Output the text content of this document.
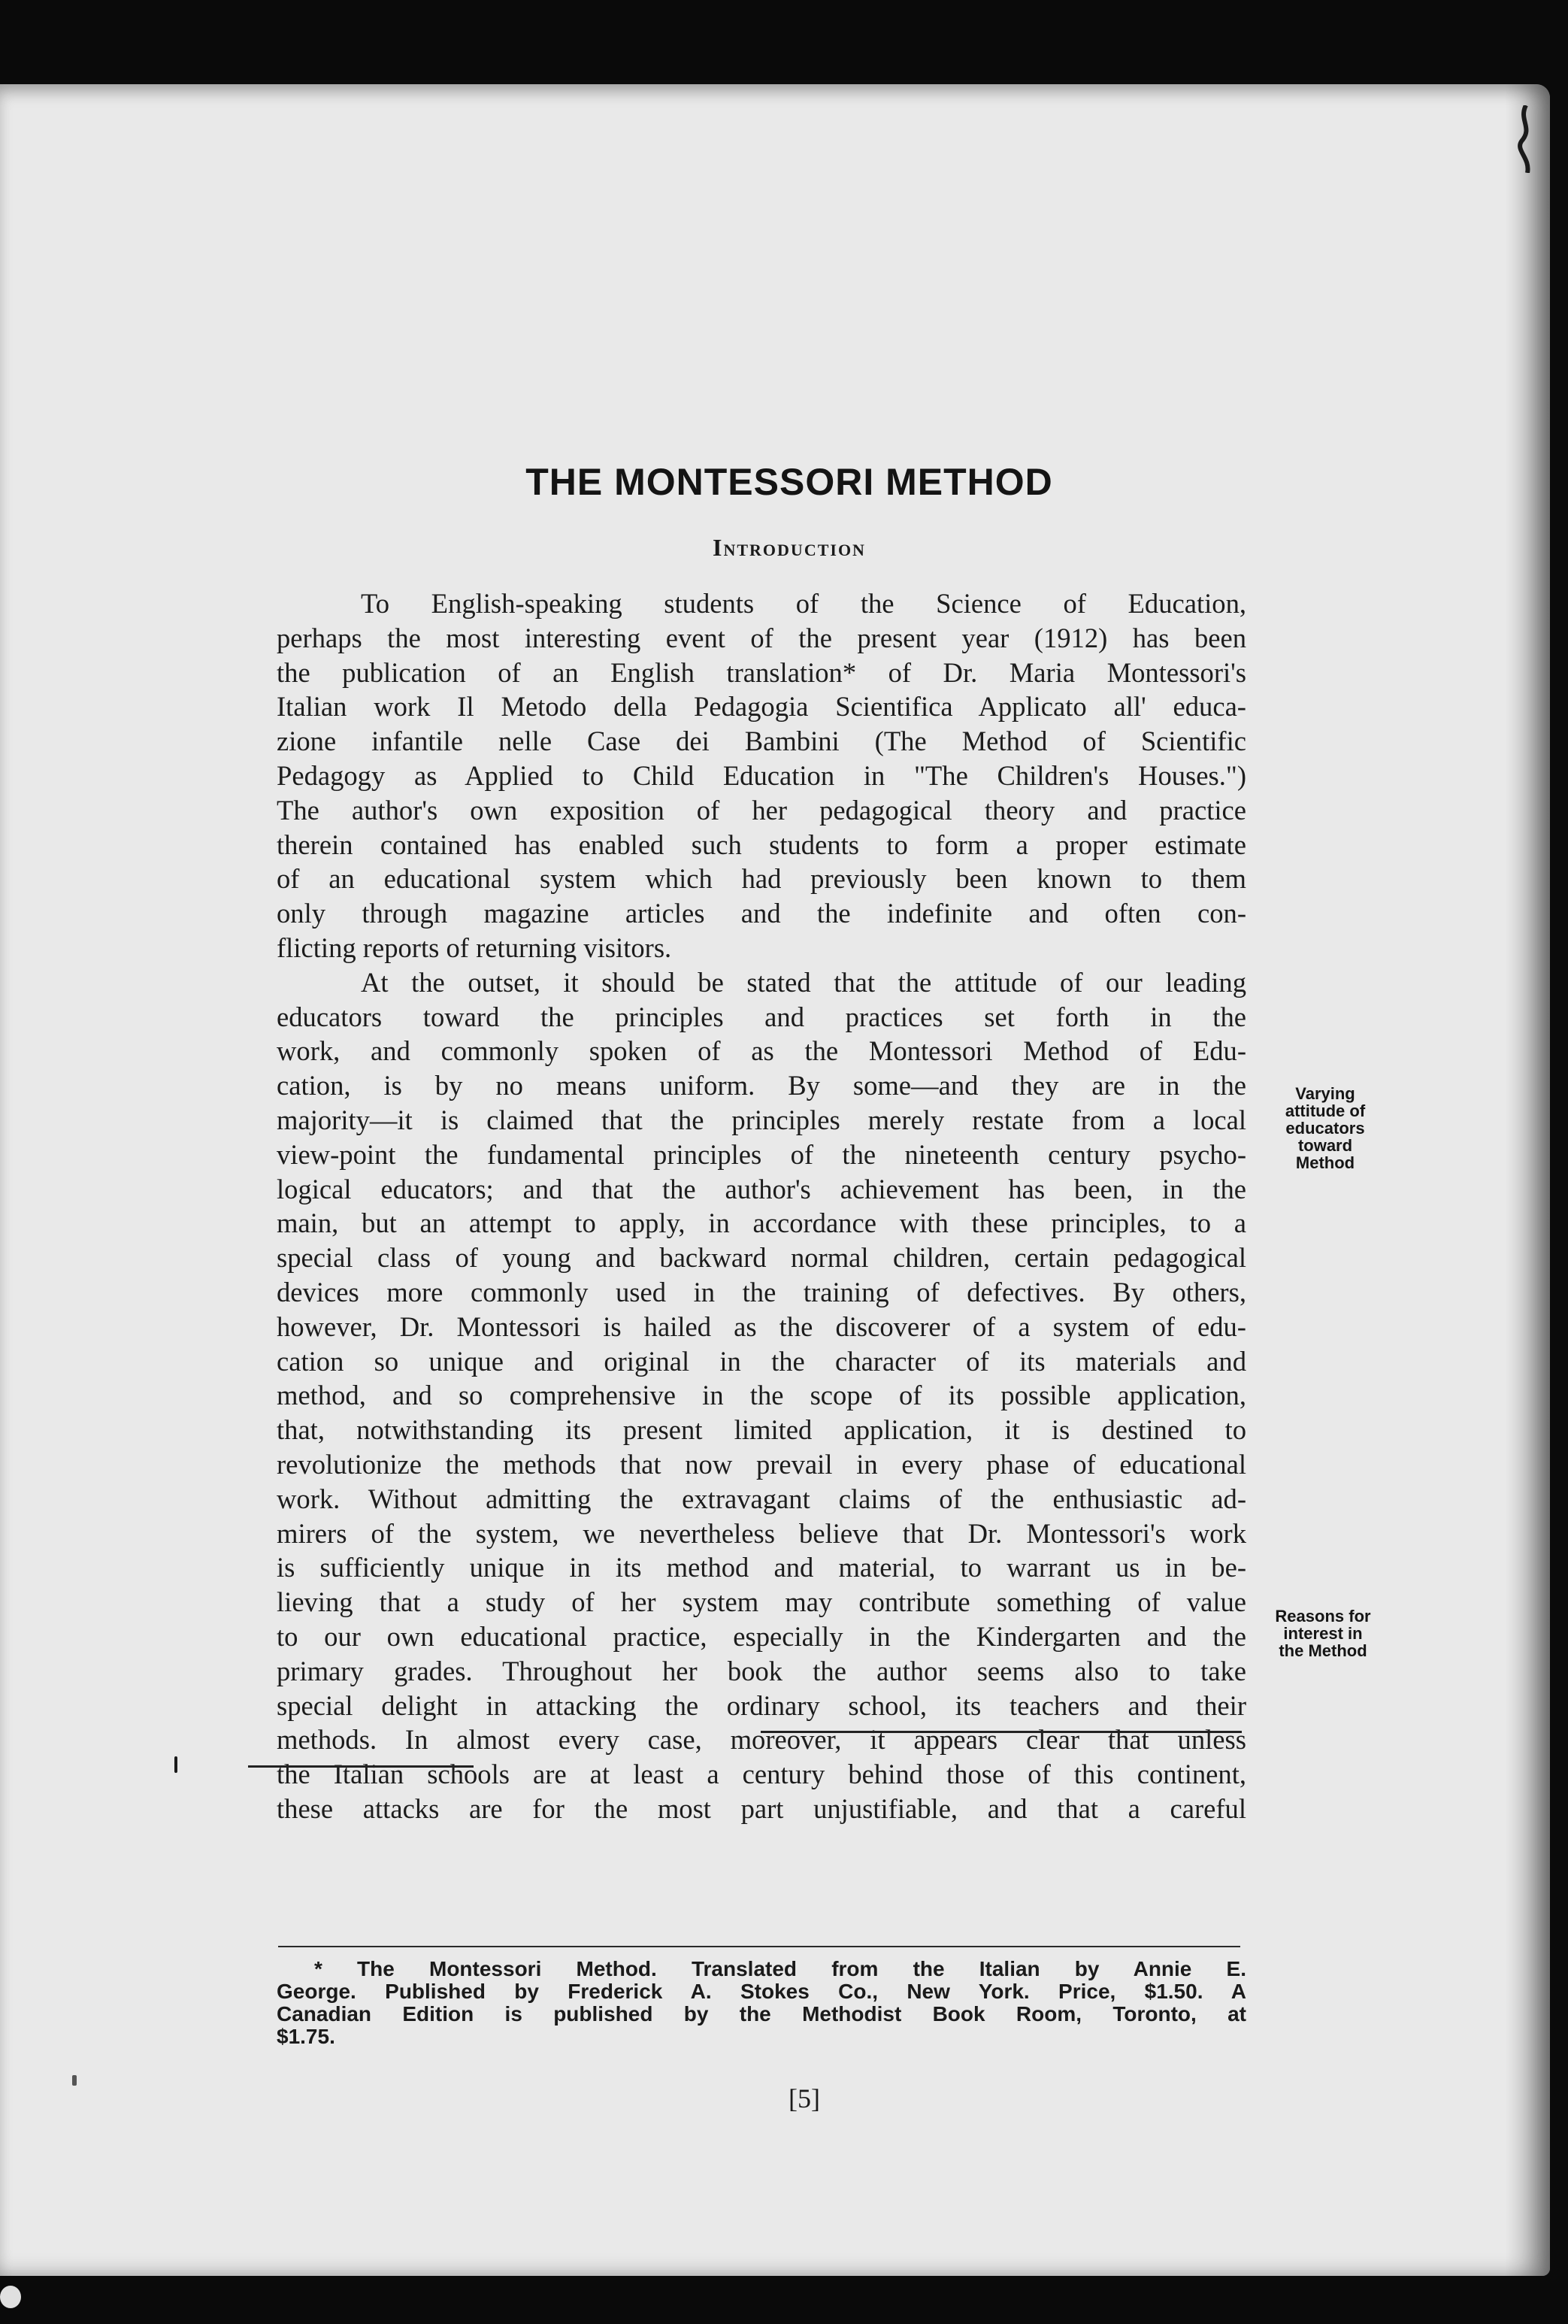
THE MONTESSORI METHOD
Introduction
To English-speaking students of the Science of Education,
perhaps the most interesting event of the present year (1912) has been
the publication of an English translation* of Dr. Maria Montessori's
Italian work Il Metodo della Pedagogia Scientifica Applicato all' educa-
zione infantile nelle Case dei Bambini (The Method of Scientific
Pedagogy as Applied to Child Education in "The Children's Houses.")
The author's own exposition of her pedagogical theory and practice
therein contained has enabled such students to form a proper estimate
of an educational system which had previously been known to them
only through magazine articles and the indefinite and often con-
flicting reports of returning visitors.
At the outset, it should be stated that the attitude of our leading
educators toward the principles and practices set forth in the
work, and commonly spoken of as the Montessori Method of Edu-
cation, is by no means uniform. By some—and they are in the
majority—it is claimed that the principles merely restate from a local
view-point the fundamental principles of the nineteenth century psycho-
logical educators; and that the author's achievement has been, in the
main, but an attempt to apply, in accordance with these principles, to a
special class of young and backward normal children, certain pedagogical
devices more commonly used in the training of defectives. By others,
however, Dr. Montessori is hailed as the discoverer of a system of edu-
cation so unique and original in the character of its materials and
method, and so comprehensive in the scope of its possible application,
that, notwithstanding its present limited application, it is destined to
revolutionize the methods that now prevail in every phase of educational
work. Without admitting the extravagant claims of the enthusiastic ad-
mirers of the system, we nevertheless believe that Dr. Montessori's work
is sufficiently unique in its method and material, to warrant us in be-
lieving that a study of her system may contribute something of value
to our own educational practice, especially in the Kindergarten and the
primary grades. Throughout her book the author seems also to take
special delight in attacking the ordinary school, its teachers and their
methods. In almost every case, moreover, it appears clear that unless
the Italian schools are at least a century behind those of this continent,
these attacks are for the most part unjustifiable, and that a careful
Varying
attitude of
educators
toward
Method
Reasons for
interest in
the Method
* The Montessori Method. Translated from the Italian by Annie E.
George. Published by Frederick A. Stokes Co., New York. Price, $1.50. A
Canadian Edition is published by the Methodist Book Room, Toronto, at
$1.75.
[5]
